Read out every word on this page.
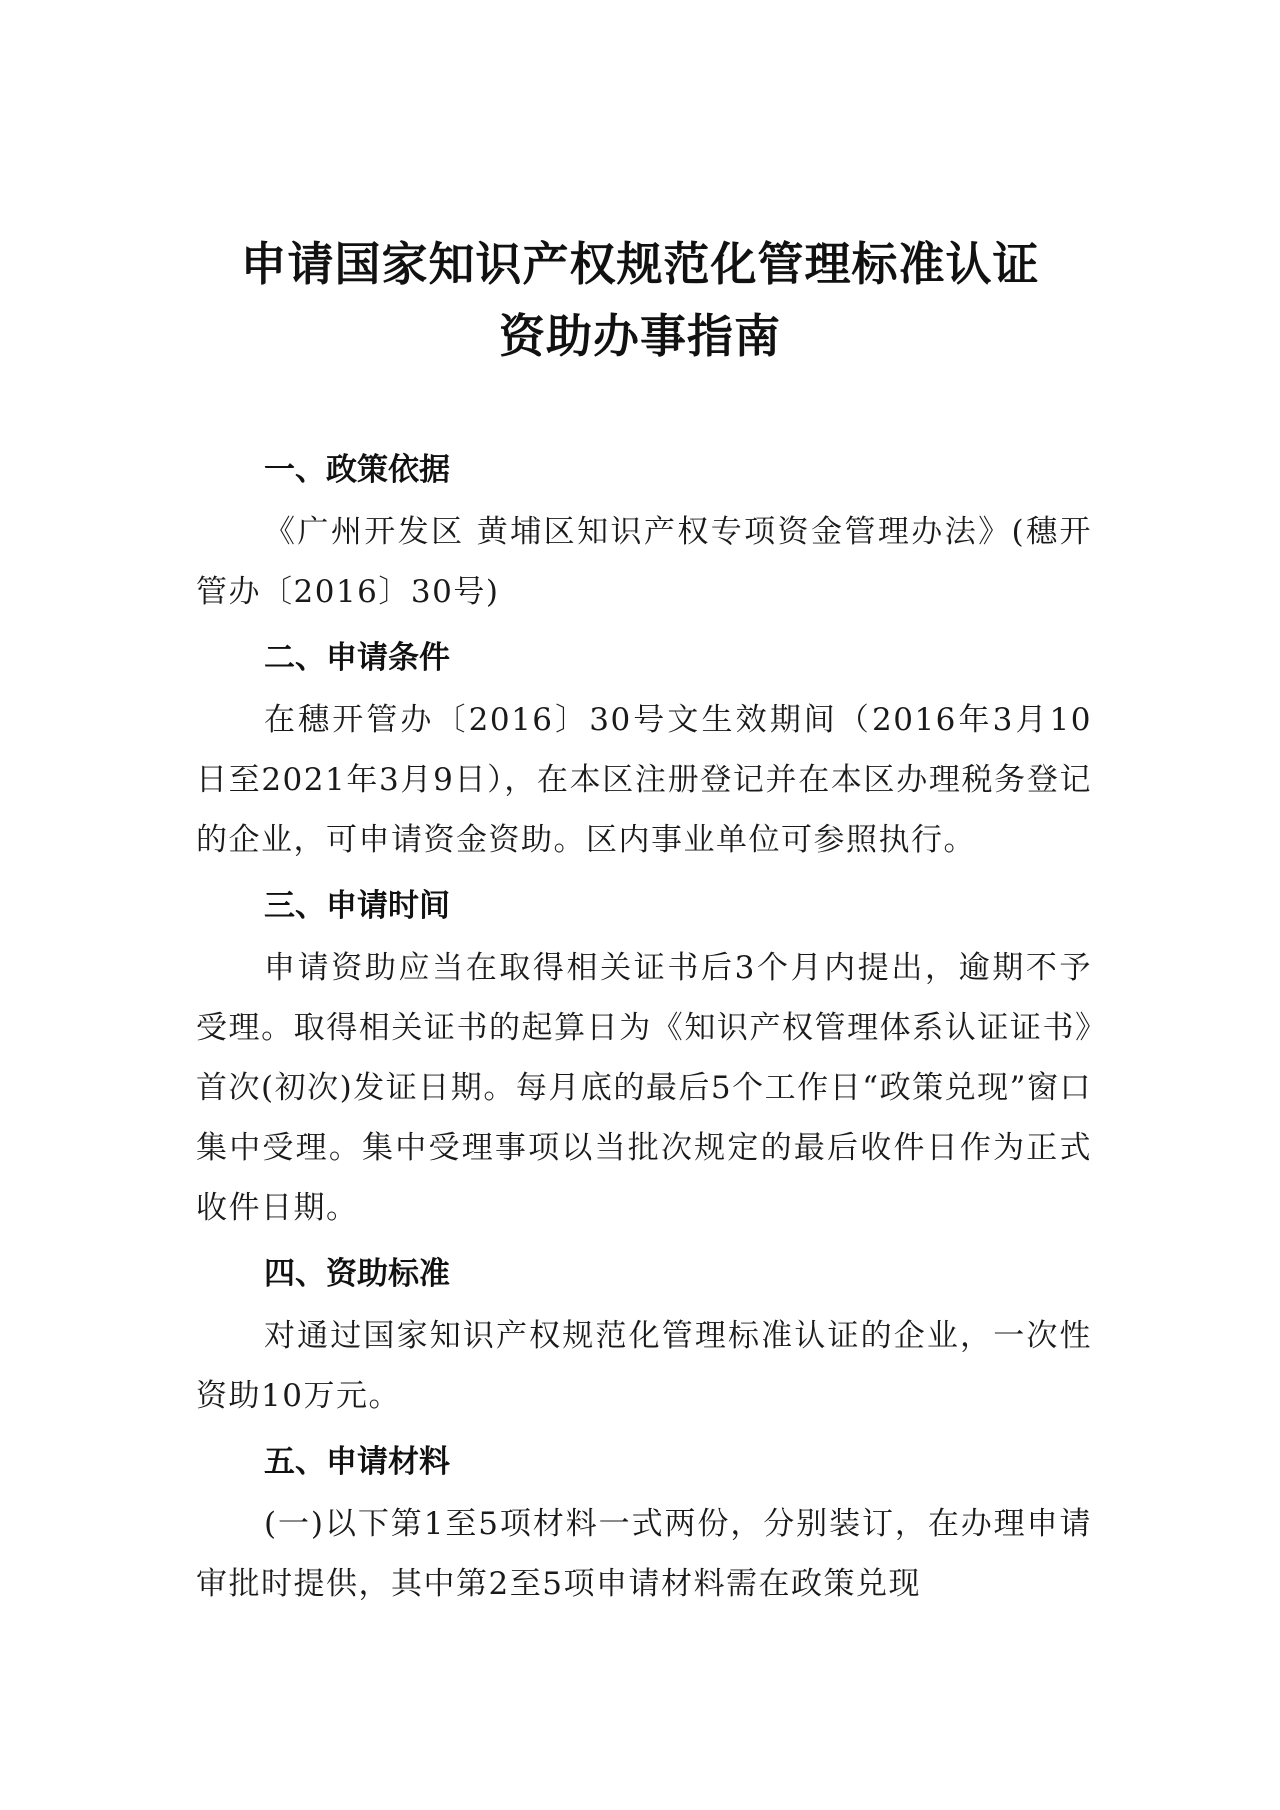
申请国家知识产权规范化管理标准认证
资助办事指南
一、政策依据

《广州开发区 黄埔区知识产权专项资金管理办法》(穗开管办〔2016〕30号)

二、申请条件

在穗开管办〔2016〕30号文生效期间（2016年3月10日至2021年3月9日），在本区注册登记并在本区办理税务登记的企业，可申请资金资助。区内事业单位可参照执行。

三、申请时间

申请资助应当在取得相关证书后3个月内提出，逾期不予受理。取得相关证书的起算日为《知识产权管理体系认证证书》首次(初次)发证日期。每月底的最后5个工作日“政策兑现”窗口集中受理。集中受理事项以当批次规定的最后收件日作为正式收件日期。

四、资助标准

对通过国家知识产权规范化管理标准认证的企业，一次性资助10万元。

五、申请材料

(一)以下第1至5项材料一式两份，分别装订，在办理申请审批时提供，其中第2至5项申请材料需在政策兑现
